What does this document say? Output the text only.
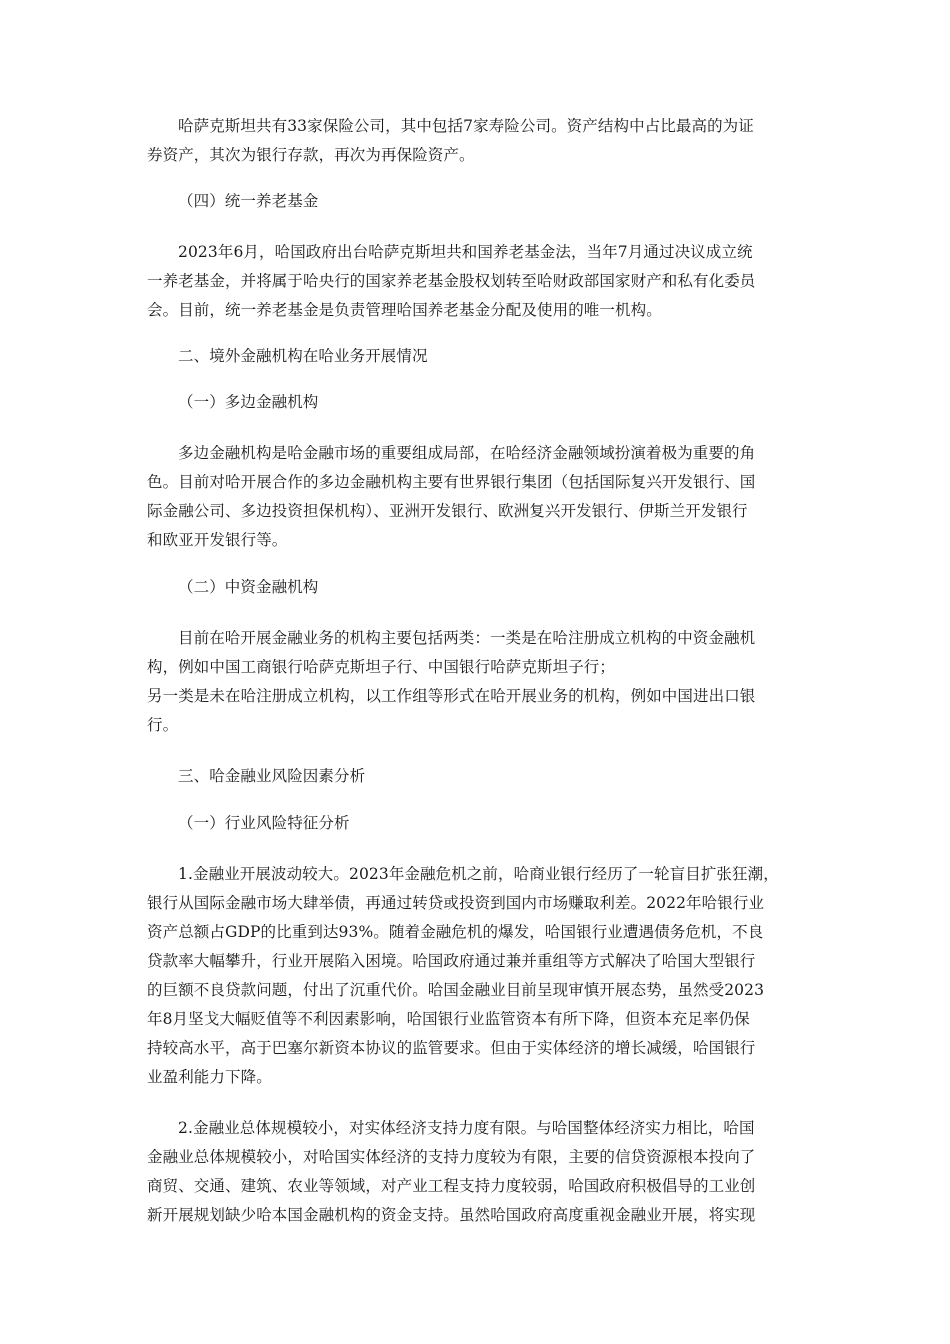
哈萨克斯坦共有33家保险公司，其中包括7家寿险公司。资产结构中占比最高的为证
券资产，其次为银行存款，再次为再保险资产。

（四）统一养老基金

2023年6月，哈国政府出台哈萨克斯坦共和国养老基金法，当年7月通过决议成立统
一养老基金，并将属于哈央行的国家养老基金股权划转至哈财政部国家财产和私有化委员
会。目前，统一养老基金是负责管理哈国养老基金分配及使用的唯一机构。

二、境外金融机构在哈业务开展情况

（一）多边金融机构

多边金融机构是哈金融市场的重要组成局部，在哈经济金融领域扮演着极为重要的角
色。目前对哈开展合作的多边金融机构主要有世界银行集团（包括国际复兴开发银行、国
际金融公司、多边投资担保机构）、亚洲开发银行、欧洲复兴开发银行、伊斯兰开发银行
和欧亚开发银行等。

（二）中资金融机构

目前在哈开展金融业务的机构主要包括两类：一类是在哈注册成立机构的中资金融机
构，例如中国工商银行哈萨克斯坦子行、中国银行哈萨克斯坦子行；
另一类是未在哈注册成立机构，以工作组等形式在哈开展业务的机构，例如中国进出口银
行。

三、哈金融业风险因素分析

（一）行业风险特征分析

1.金融业开展波动较大。2023年金融危机之前，哈商业银行经历了一轮盲目扩张狂潮，
银行从国际金融市场大肆举债，再通过转贷或投资到国内市场赚取利差。2022年哈银行业
资产总额占GDP的比重到达93%。随着金融危机的爆发，哈国银行业遭遇债务危机，不良
贷款率大幅攀升，行业开展陷入困境。哈国政府通过兼并重组等方式解决了哈国大型银行
的巨额不良贷款问题，付出了沉重代价。哈国金融业目前呈现审慎开展态势，虽然受2023
年8月坚戈大幅贬值等不利因素影响，哈国银行业监管资本有所下降，但资本充足率仍保
持较高水平，高于巴塞尔新资本协议的监管要求。但由于实体经济的增长减缓，哈国银行
业盈利能力下降。

2.金融业总体规模较小，对实体经济支持力度有限。与哈国整体经济实力相比，哈国
金融业总体规模较小，对哈国实体经济的支持力度较为有限，主要的信贷资源根本投向了
商贸、交通、建筑、农业等领域，对产业工程支持力度较弱，哈国政府积极倡导的工业创
新开展规划缺少哈本国金融机构的资金支持。虽然哈国政府高度重视金融业开展，将实现
